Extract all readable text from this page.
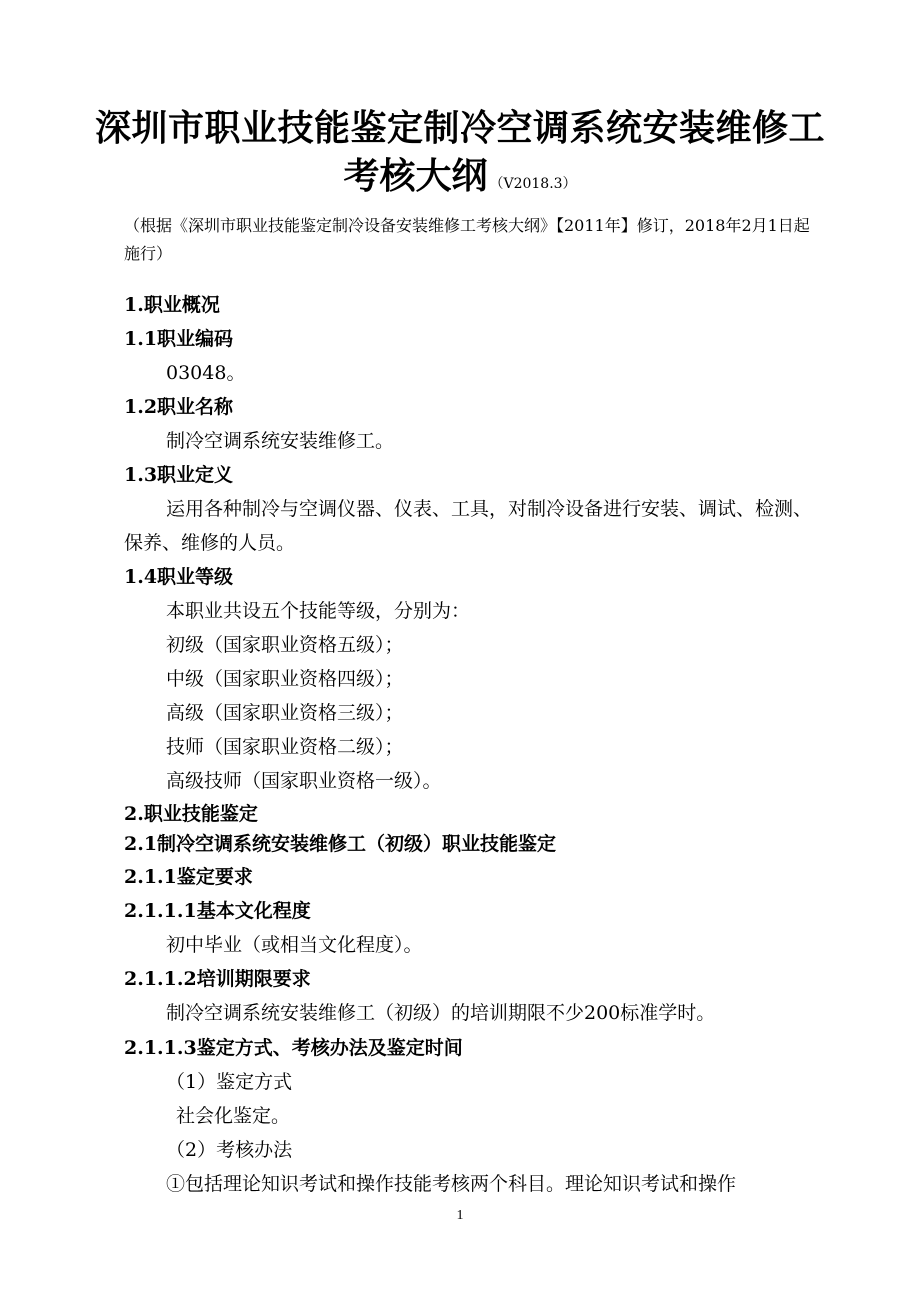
深圳市职业技能鉴定制冷空调系统安装维修工
考核大纲 （V2018.3）
（根据《深圳市职业技能鉴定制冷设备安装维修工考核大纲》【2011年】修订，2018年2月1日起施行）
1.职业概况
1.1职业编码
03048。
1.2职业名称
制冷空调系统安装维修工。
1.3职业定义
运用各种制冷与空调仪器、仪表、工具，对制冷设备进行安装、调试、检测、保养、维修的人员。
1.4职业等级
本职业共设五个技能等级，分别为：
初级（国家职业资格五级）；
中级（国家职业资格四级）；
高级（国家职业资格三级）；
技师（国家职业资格二级）；
高级技师（国家职业资格一级）。
2.职业技能鉴定
2.1制冷空调系统安装维修工（初级）职业技能鉴定
2.1.1鉴定要求
2.1.1.1基本文化程度
初中毕业（或相当文化程度）。
2.1.1.2培训期限要求
制冷空调系统安装维修工（初级）的培训期限不少200标准学时。
2.1.1.3鉴定方式、考核办法及鉴定时间
（1）鉴定方式
社会化鉴定。
（2）考核办法
①包括理论知识考试和操作技能考核两个科目。理论知识考试和操作
1
